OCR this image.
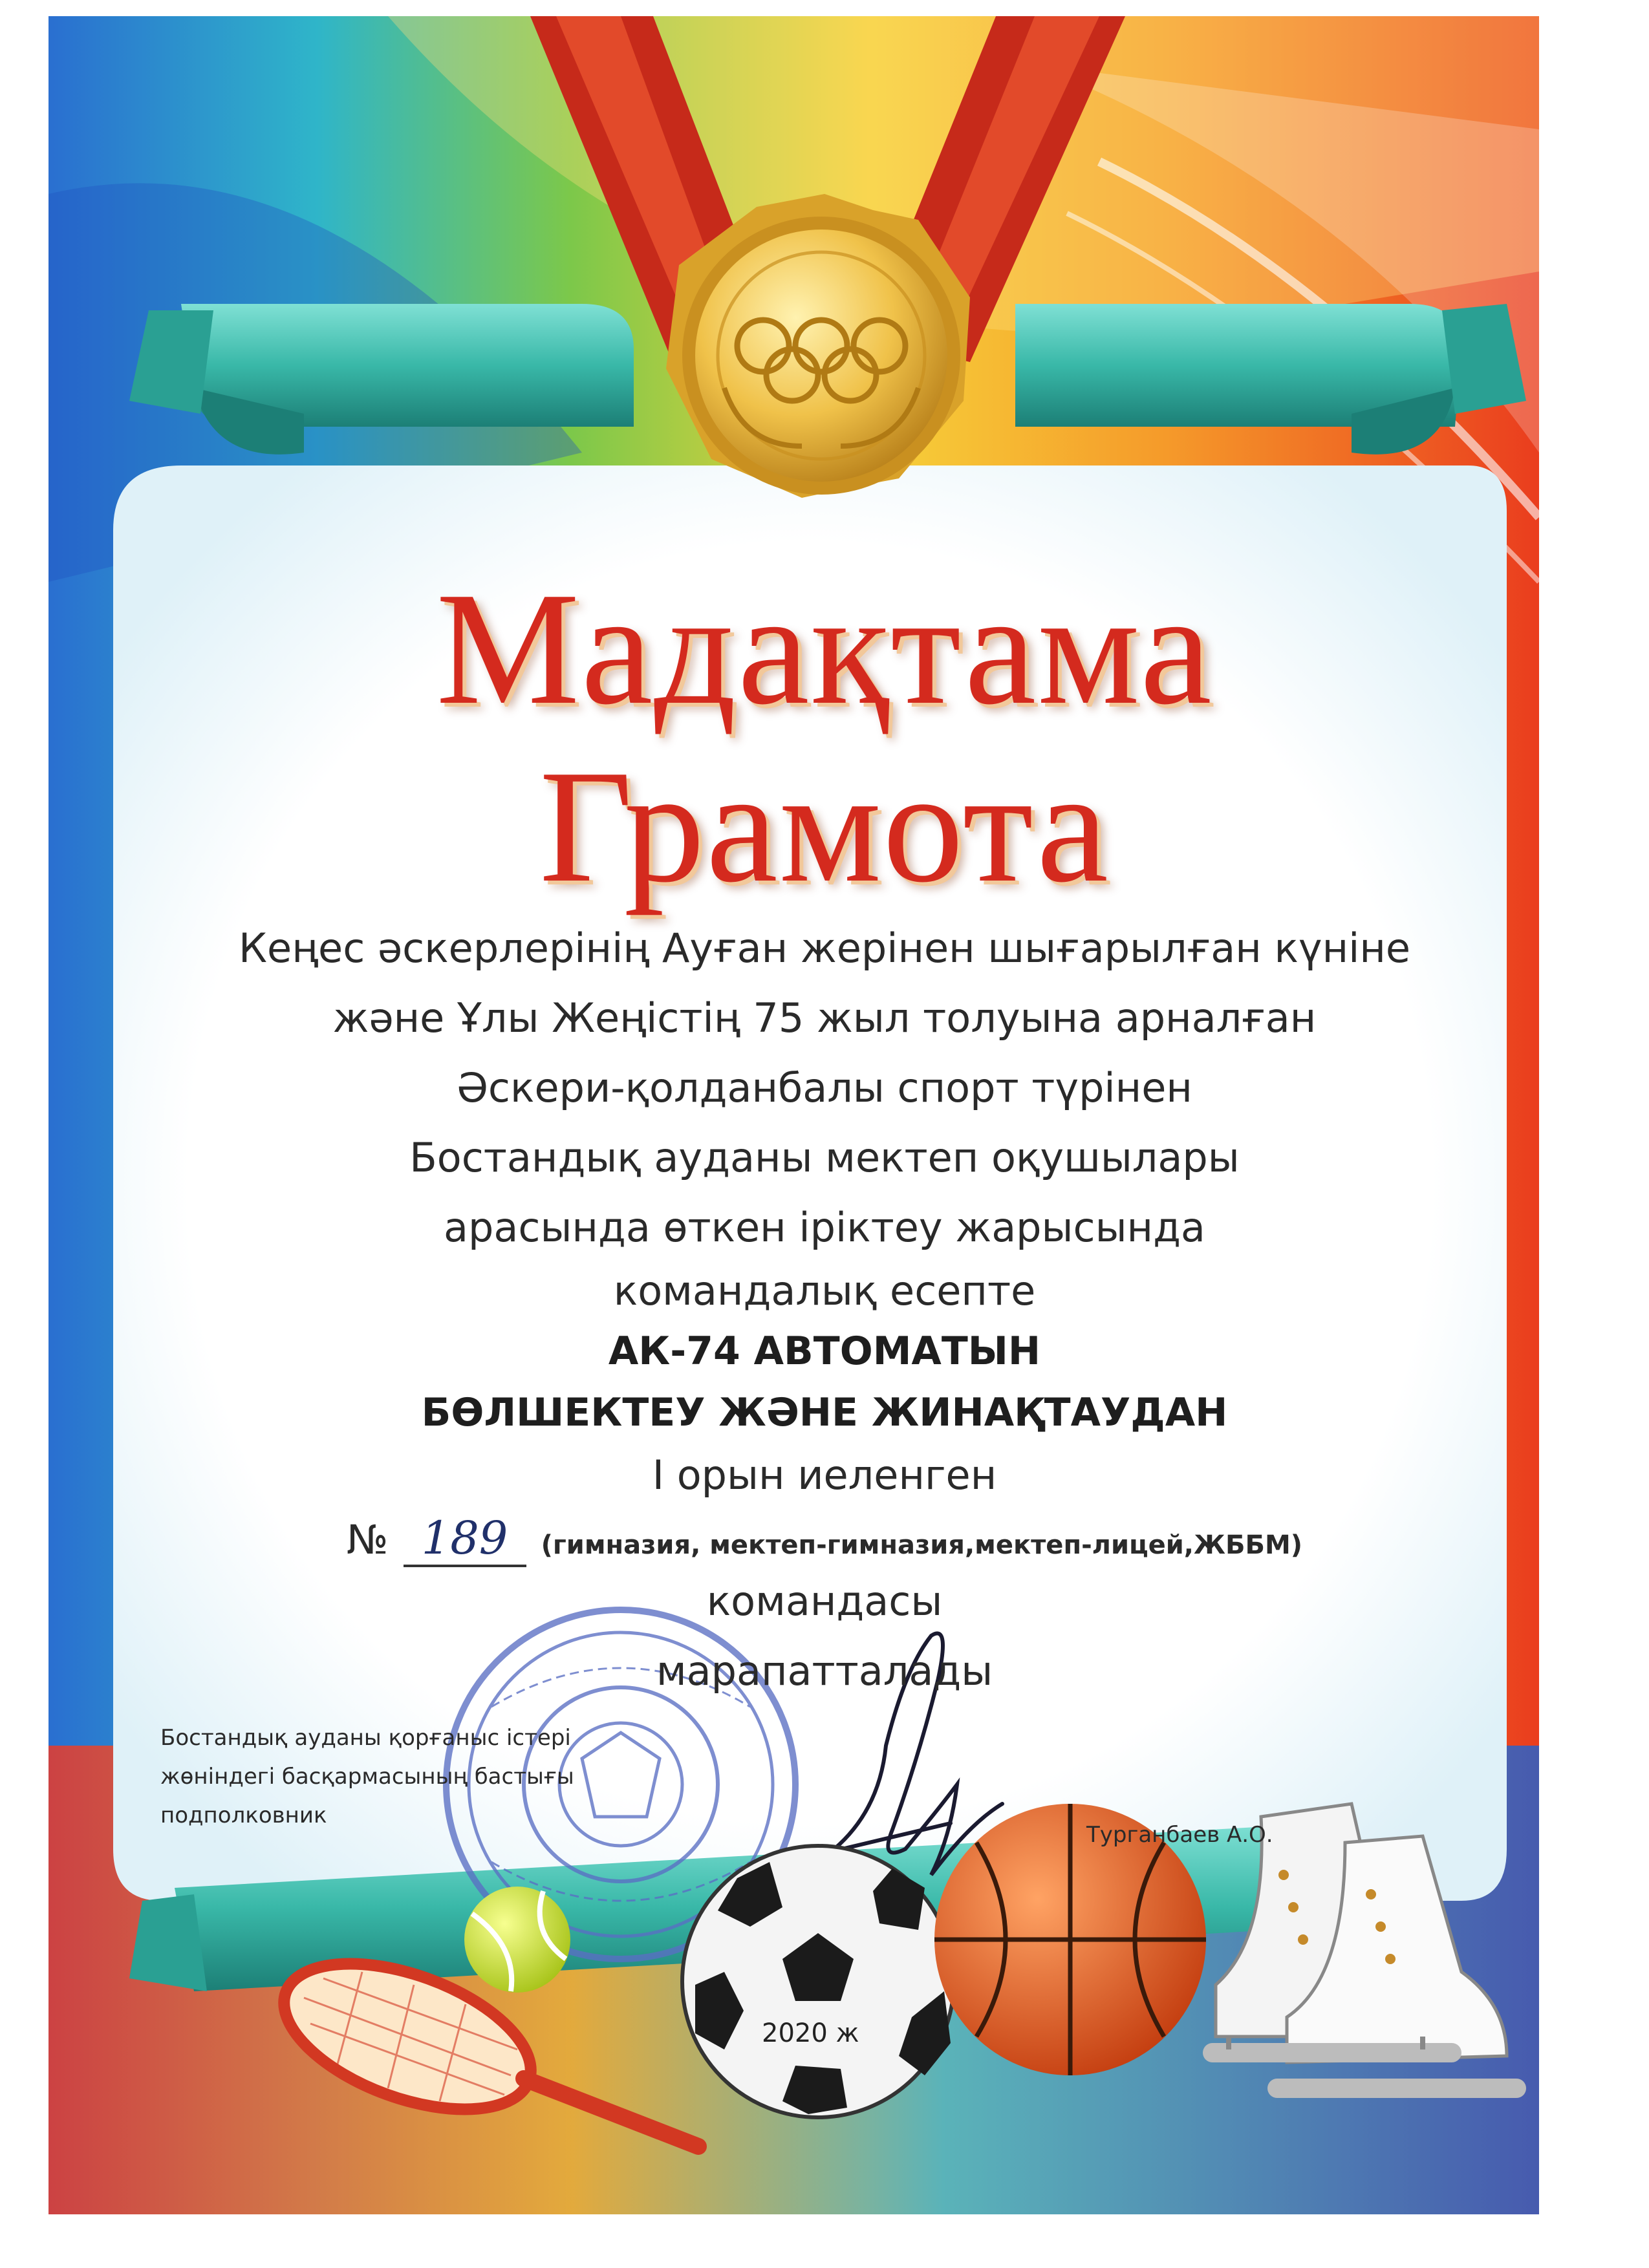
Мадақтама
Грамота
Кеңес әскерлерінің Ауған жерінен шығарылған күніне
және Ұлы Жеңістің 75 жыл толуына арналған
Әскери-қолданбалы спорт түрінен
Бостандық ауданы мектеп оқушылары
арасында өткен іріктеу жарысында
командалық есепте
АК-74 АВТОМАТЫН
БӨЛШЕКТЕУ ЖӘНЕ ЖИНАҚТАУДАН
І орын иеленген
№ 189 (гимназия, мектеп-гимназия,мектеп-лицей,ЖББМ)
командасы
марапатталады
Бостандық ауданы қорғаныс істері
жөніндегі басқармасының бастығы
подполковник
Турганбаев А.О.
2020 ж
